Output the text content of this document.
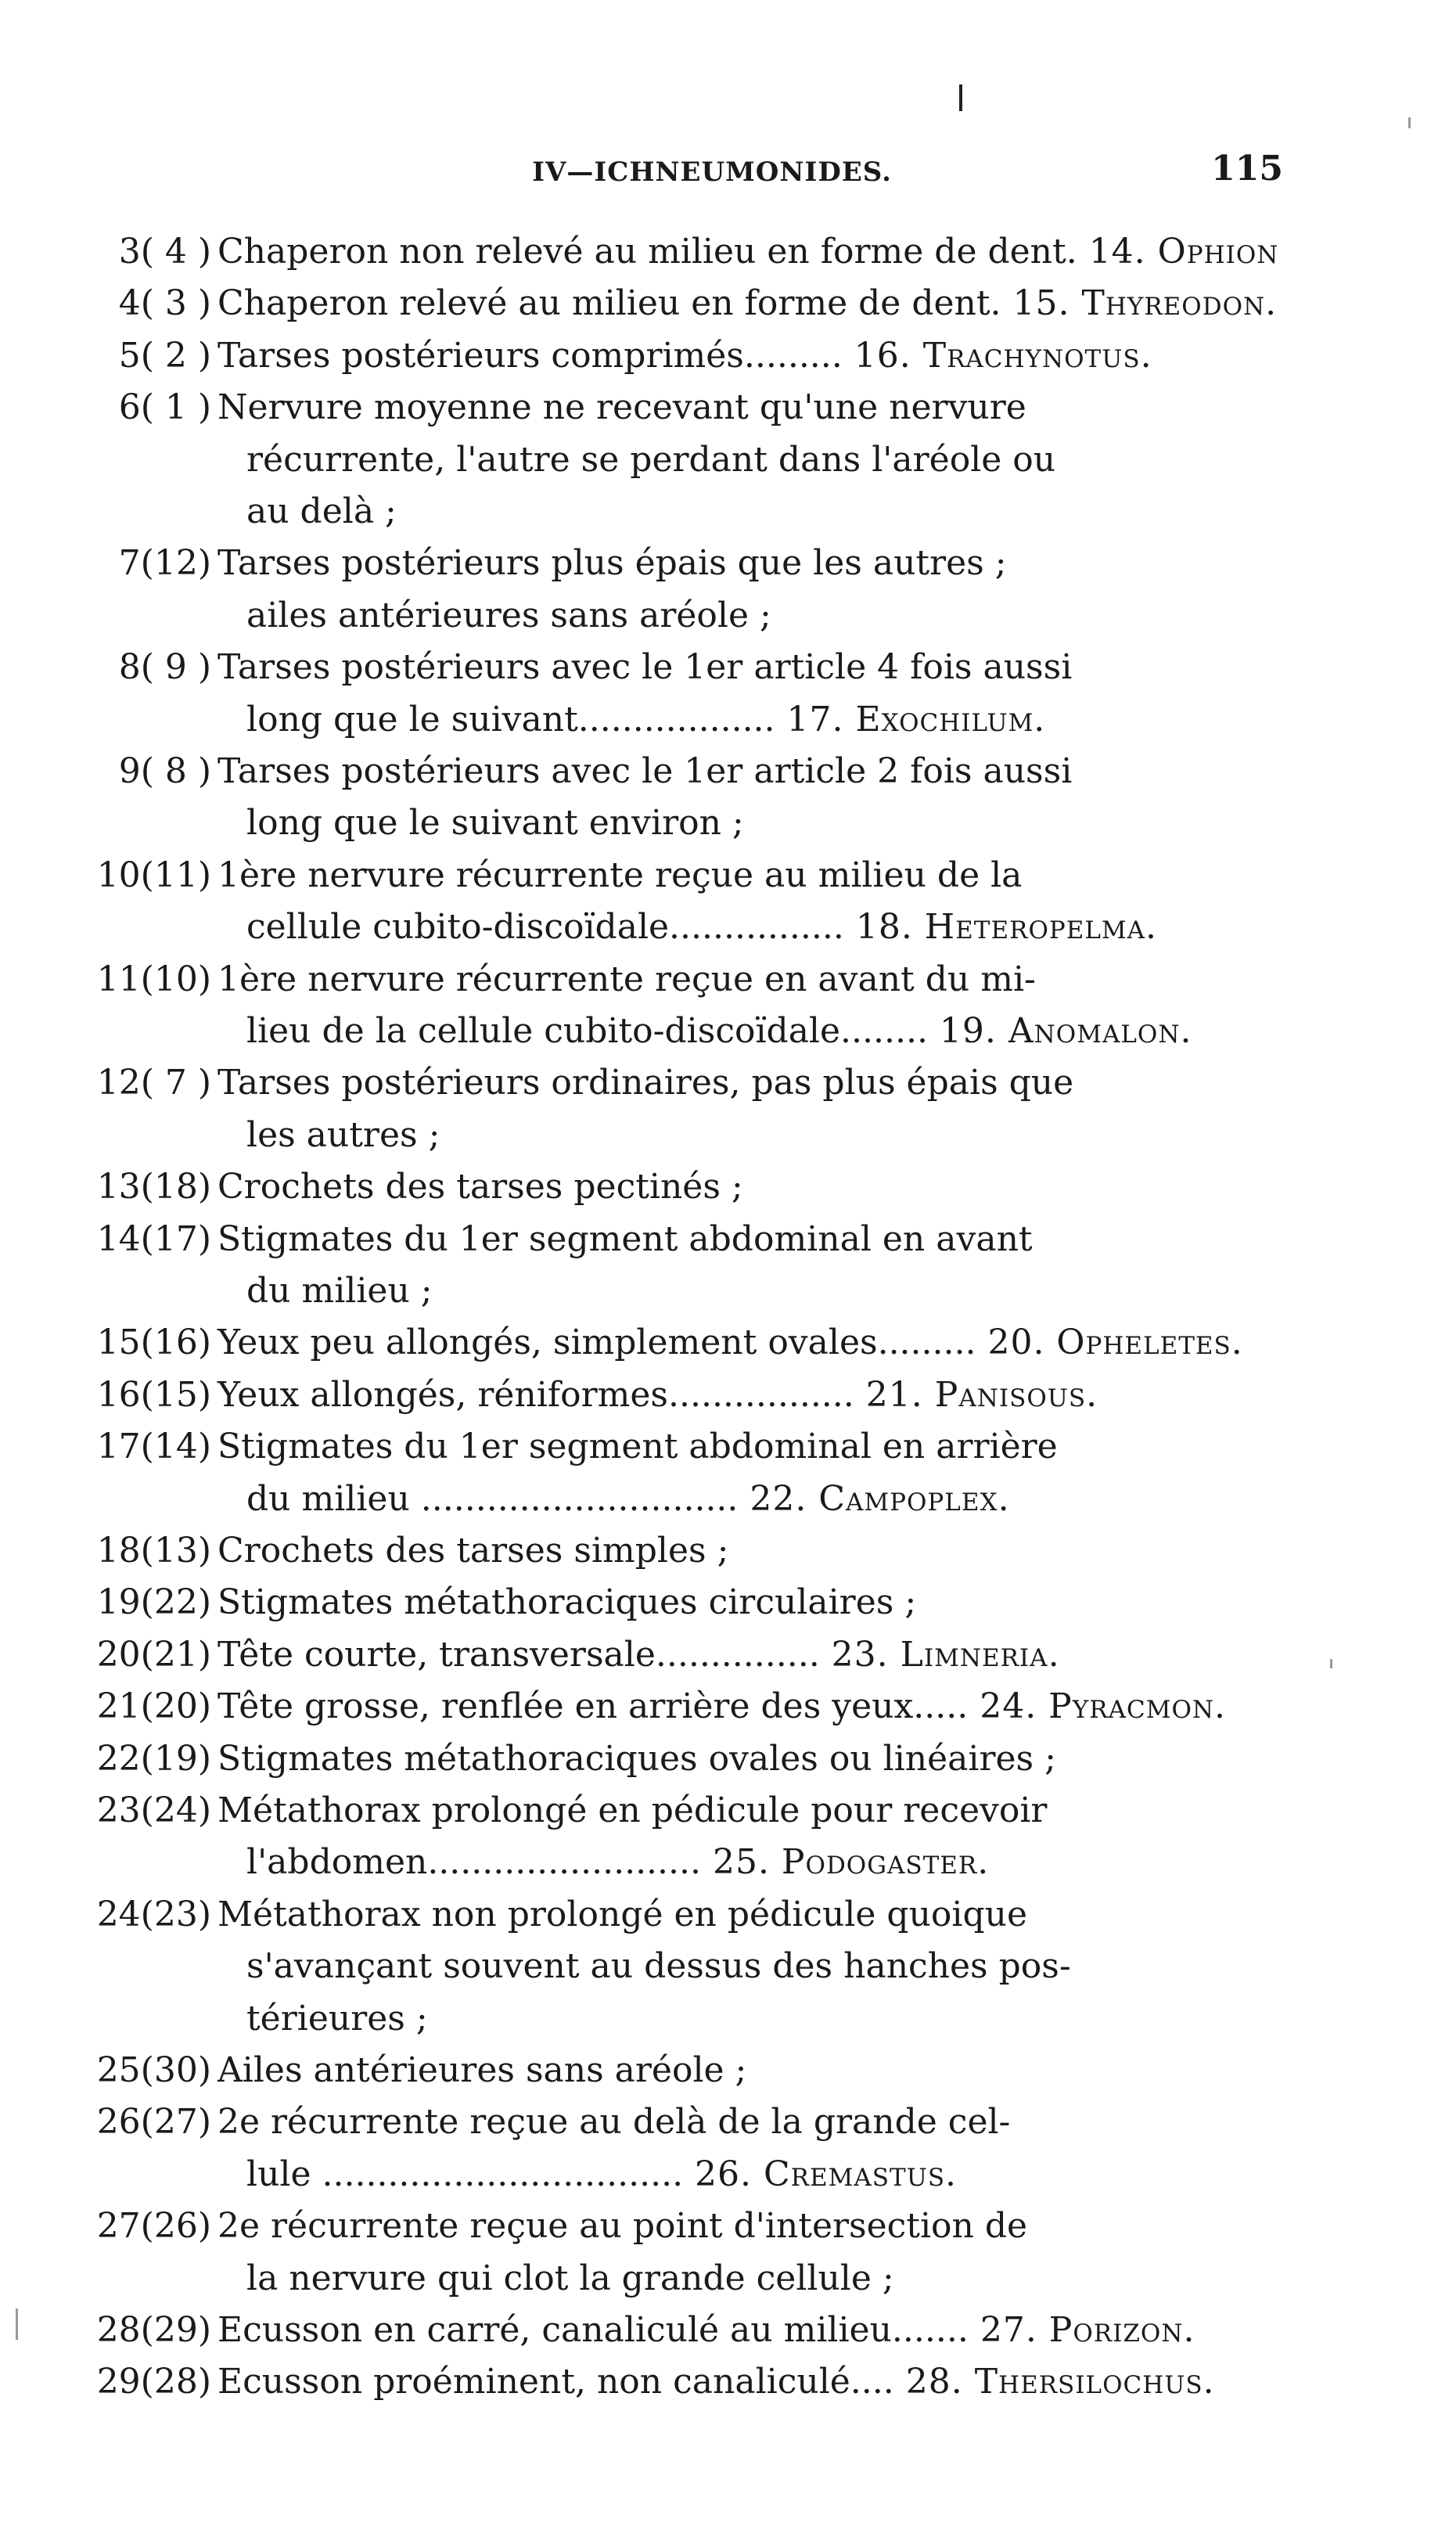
IV—ICHNEUMONIDES.	115
3( 4 ) Chaperon non relevé au milieu en forme de dent. 14. Ophion
4( 3 ) Chaperon relevé au milieu en forme de dent. 15. Thyreodon.
5( 2 ) Tarses postérieurs comprimés......... 16. Trachynotus.
6( 1 ) Nervure moyenne ne recevant qu'une nervure
récurrente, l'autre se perdant dans l'aréole ou
au delà ;
7(12) Tarses postérieurs plus épais que les autres ;
ailes antérieures sans aréole ;
8( 9 ) Tarses postérieurs avec le 1er article 4 fois aussi
long que le suivant.................. 17. Exochilum.
9( 8 ) Tarses postérieurs avec le 1er article 2 fois aussi
long que le suivant environ ;
10(11) 1ère nervure récurrente reçue au milieu de la
cellule cubito-discoïdale................ 18. Heteropelma.
11(10) 1ère nervure récurrente reçue en avant du mi-
lieu de la cellule cubito-discoïdale........ 19. Anomalon.
12( 7 ) Tarses postérieurs ordinaires, pas plus épais que
les autres ;
13(18) Crochets des tarses pectinés ;
14(17) Stigmates du 1er segment abdominal en avant
du milieu ;
15(16) Yeux peu allongés, simplement ovales......... 20. Opheletes.
16(15) Yeux allongés, réniformes................. 21. Panisous.
17(14) Stigmates du 1er segment abdominal en arrière
du milieu ............................. 22. Campoplex.
18(13) Crochets des tarses simples ;
19(22) Stigmates métathoraciques circulaires ;
20(21) Tête courte, transversale............... 23. Limneria.
21(20) Tête grosse, renflée en arrière des yeux..... 24. Pyracmon.
22(19) Stigmates métathoraciques ovales ou linéaires ;
23(24) Métathorax prolongé en pédicule pour recevoir
l'abdomen......................... 25. Podogaster.
24(23) Métathorax non prolongé en pédicule quoique
s'avançant souvent au dessus des hanches pos-
térieures ;
25(30) Ailes antérieures sans aréole ;
26(27) 2e récurrente reçue au delà de la grande cel-
lule ................................. 26. Cremastus.
27(26) 2e récurrente reçue au point d'intersection de
la nervure qui clot la grande cellule ;
28(29) Ecusson en carré, canaliculé au milieu....... 27. Porizon.
29(28) Ecusson proéminent, non canaliculé.... 28. Thersilochus.
